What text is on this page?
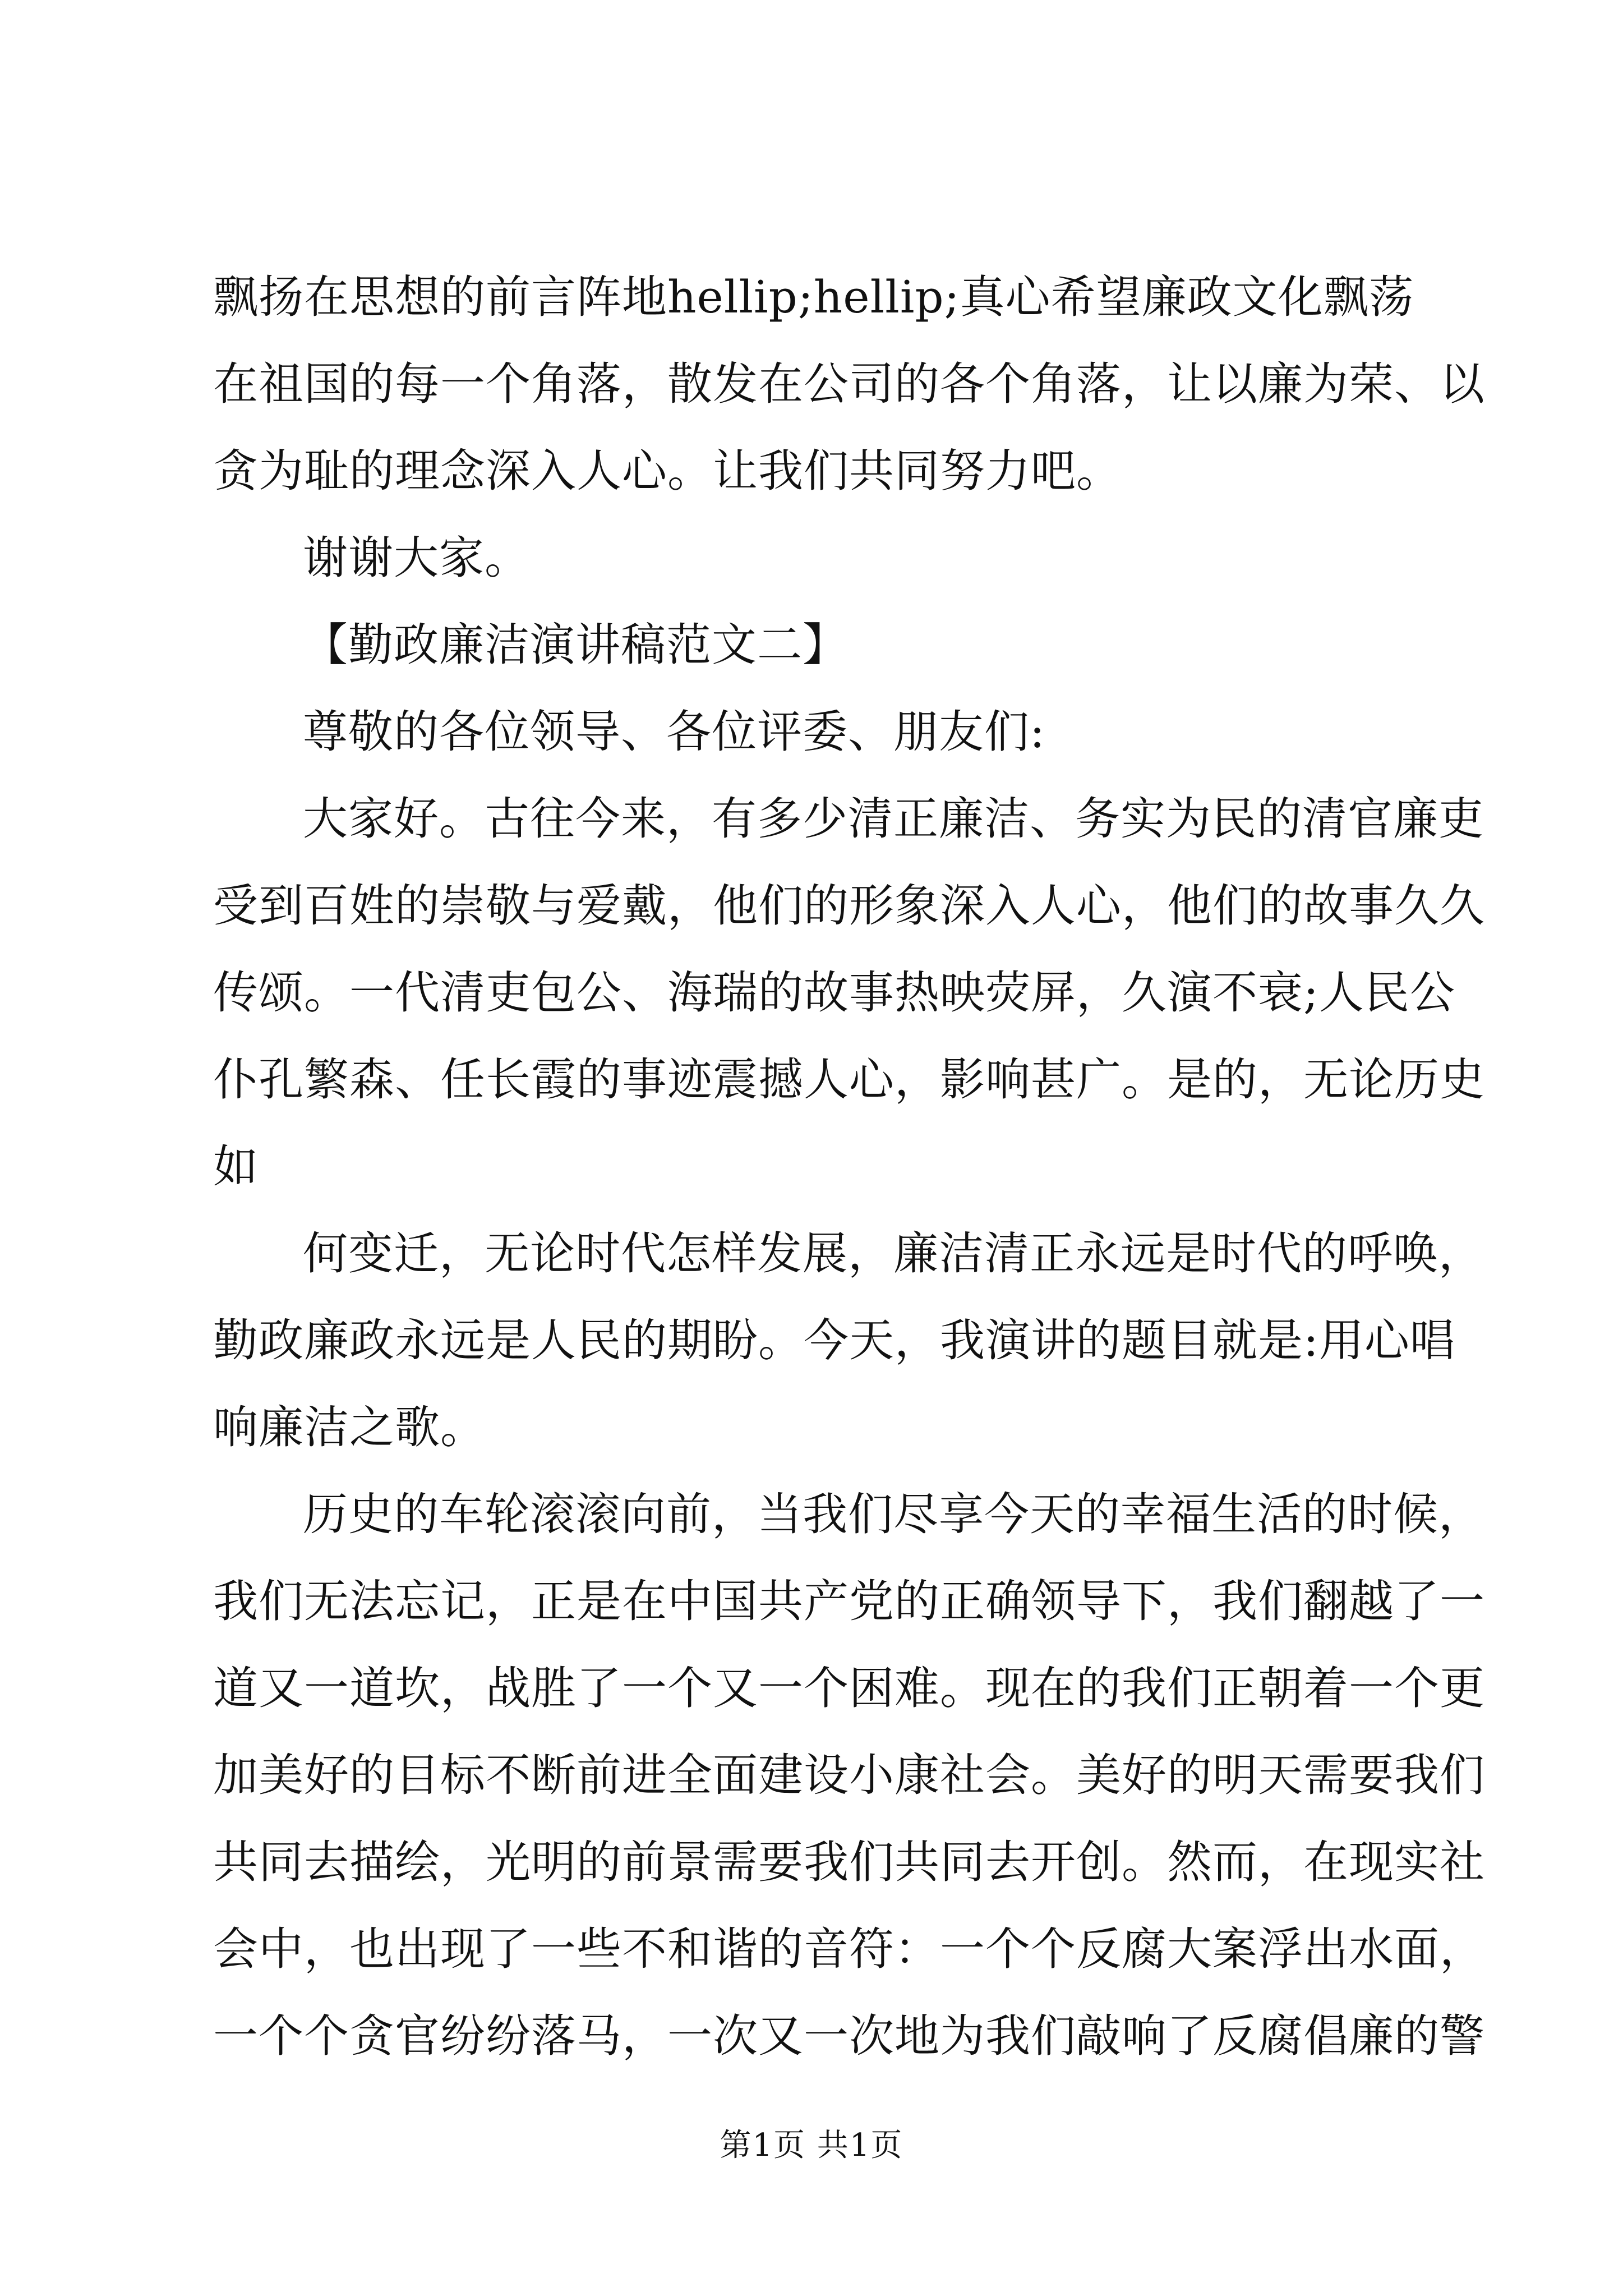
飘扬在思想的前言阵地hellip;hellip;真心希望廉政文化飘荡
在祖国的每一个角落，散发在公司的各个角落，让以廉为荣、以
贪为耻的理念深入人心。让我们共同努力吧。
谢谢大家。
【勤政廉洁演讲稿范文二】
尊敬的各位领导、各位评委、朋友们:
大家好。古往今来，有多少清正廉洁、务实为民的清官廉吏
受到百姓的崇敬与爱戴，他们的形象深入人心，他们的故事久久
传颂。一代清吏包公、海瑞的故事热映荧屏，久演不衰;人民公
仆孔繁森、任长霞的事迹震撼人心，影响甚广。是的，无论历史
如
何变迁，无论时代怎样发展，廉洁清正永远是时代的呼唤，
勤政廉政永远是人民的期盼。今天，我演讲的题目就是:用心唱
响廉洁之歌。
历史的车轮滚滚向前，当我们尽享今天的幸福生活的时候，
我们无法忘记，正是在中国共产党的正确领导下，我们翻越了一
道又一道坎，战胜了一个又一个困难。现在的我们正朝着一个更
加美好的目标不断前进全面建设小康社会。美好的明天需要我们
共同去描绘，光明的前景需要我们共同去开创。然而，在现实社
会中，也出现了一些不和谐的音符：一个个反腐大案浮出水面，
一个个贪官纷纷落马，一次又一次地为我们敲响了反腐倡廉的警
第1页 共1页
